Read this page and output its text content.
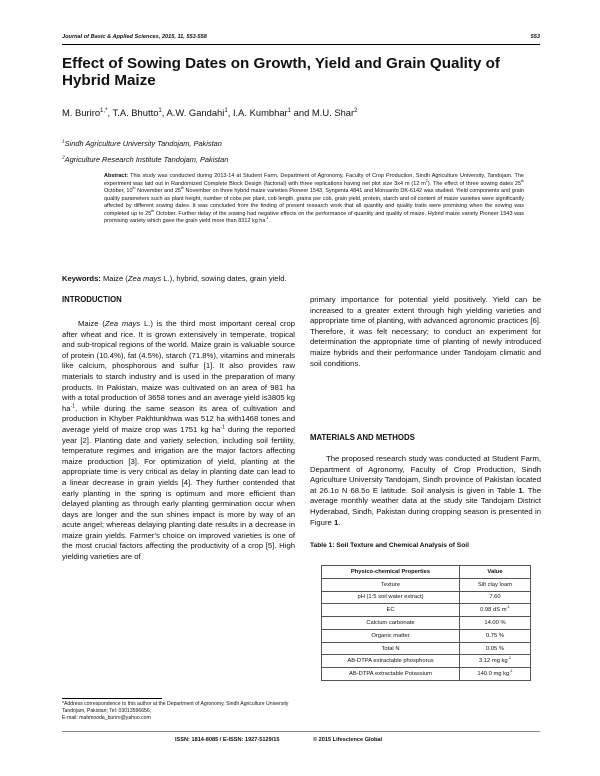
Journal of Basic & Applied Sciences, 2015, 11, 553-558	553
Effect of Sowing Dates on Growth, Yield and Grain Quality of Hybrid Maize
M. Buriro$^{1,*}$, T.A. Bhutto$^1$, A.W. Gandahi$^1$, I.A. Kumbhar$^1$ and M.U. Shar$^2$
$^1$Sindh Agriculture University Tandojam, Pakistan
$^2$Agriculture Research Institute Tandojam, Pakistan
Abstract: This study was conducted during 2013-14 at Student Farm, Department of Agronomy, Faculty of Crop Production, Sindh Agriculture University, Tandojam. The experiment was laid out in Randomized Complete Block Design (factorial) with three replications having net plot size 3x4 m (12 $m^2$). The effect of three sowing dates 25th October, 10th November and 25th November on three hybrid maize varieties Pioneer 1543, Syngenta 4841 and Monsanto DK-6142 was studied. Yield components and grain quality parameters such as plant height, number of cobs per plant, cob length, grains per cob, grain yield, protein, starch and oil content of maize varieties were significantly affected by different sowing dates. It was concluded from the finding of present research work that all quantity and quality traits were promising when the sowing was completed up to 25th October. Further delay of the sowing had negative effects on the performance of quantity and quality of maize. Hybrid maize variety Pioneer 1543 was promising variety which gave the grain yield more than 8312 kg $ha^{-1}$.
Keywords: Maize (Zea mays L.), hybrid, sowing dates, grain yield.
INTRODUCTION

Maize (Zea mays L.) is the third most important cereal crop after wheat and rice. It is grown extensively in temperate, tropical and sub-tropical regions of the world. Maize grain is valuable source of protein (10.4%), fat (4.5%), starch (71.8%), vitamins and minerals like calcium, phosphorous and sulfur [1]. It also provides raw materials to starch industry and is used in the preparation of many products. In Pakistan, maize was cultivated on an area of 981 ha with a total production of 3658 tones and an average yield is3805 kg $ha^{-1}$, while during the same season its area of cultivation and production in Khyber Pakhtunkhwa was 512 ha with1468 tones and average yield of maize crop was 1751 kg $ha^{-1}$ during the reported year [2]. Planting date and variety selection, including soil fertility, temperature regimes and irrigation are the major factors affecting maize production [3]. For optimization of yield, planting at the appropriate time is very critical as delay in planting date can lead to a linear decrease in grain yields [4]. They further contended that early planting in the spring is optimum and more efficient than delayed planting as through early planting germination occur when days are longer and the sun shines impact is more by way of an acute angel; whereas delaying planting date results in a decrease in maize grain yields. Farmer's choice on improved varieties is one of the most crucial factors affecting the productivity of a crop [5]. High yielding varieties are of

primary importance for potential yield positively. Yield can be increased to a greater extent through high yielding varieties and appropriate time of planting, with advanced agronomic practices [6]. Therefore, it was felt necessary; to conduct an experiment for determination the appropriate time of planting of newly introduced maize hybrids and their performance under Tandojam climatic and soil conditions.

MATERIALS AND METHODS

The proposed research study was conducted at Student Farm, Department of Agronomy, Faculty of Crop Production, Sindh Agriculture University Tandojam, Sindh province of Pakistan located at 26.1o N 68.5o E latitude. Soil analysis is given in Table 1. The average monthly weather data at the study site Tandojam District Hyderabad, Sindh, Pakistan during cropping season is presented in Figure 1.

Table 1: Soil Texture and Chemical Analysis of Soil
Physico-chemical Properties	Value
Texture	Silt clay loam
pH (1:5 soil water extract)	7.60
EC	0.98 dS $m^{-1}$
Calcium carbonate	14.00 %
Organic matter	0.75 %
Total N	0.05 %
AB-DTPA extractable phosphorus	3.12 mg $kg^{-1}$
AB-DTPA extractable Potassium	140.0 mg $kg^{-1}$
*Address correspondence to this author at the Department of Agronomy, Sindh Agriculture University Tandojam, Pakistan; Tel: 03013596656;
E-mail: mahmooda_buriro@yahoo.com
ISSN: 1814-8085 / E-ISSN: 1927-5129/15	© 2015 Lifescience Global
